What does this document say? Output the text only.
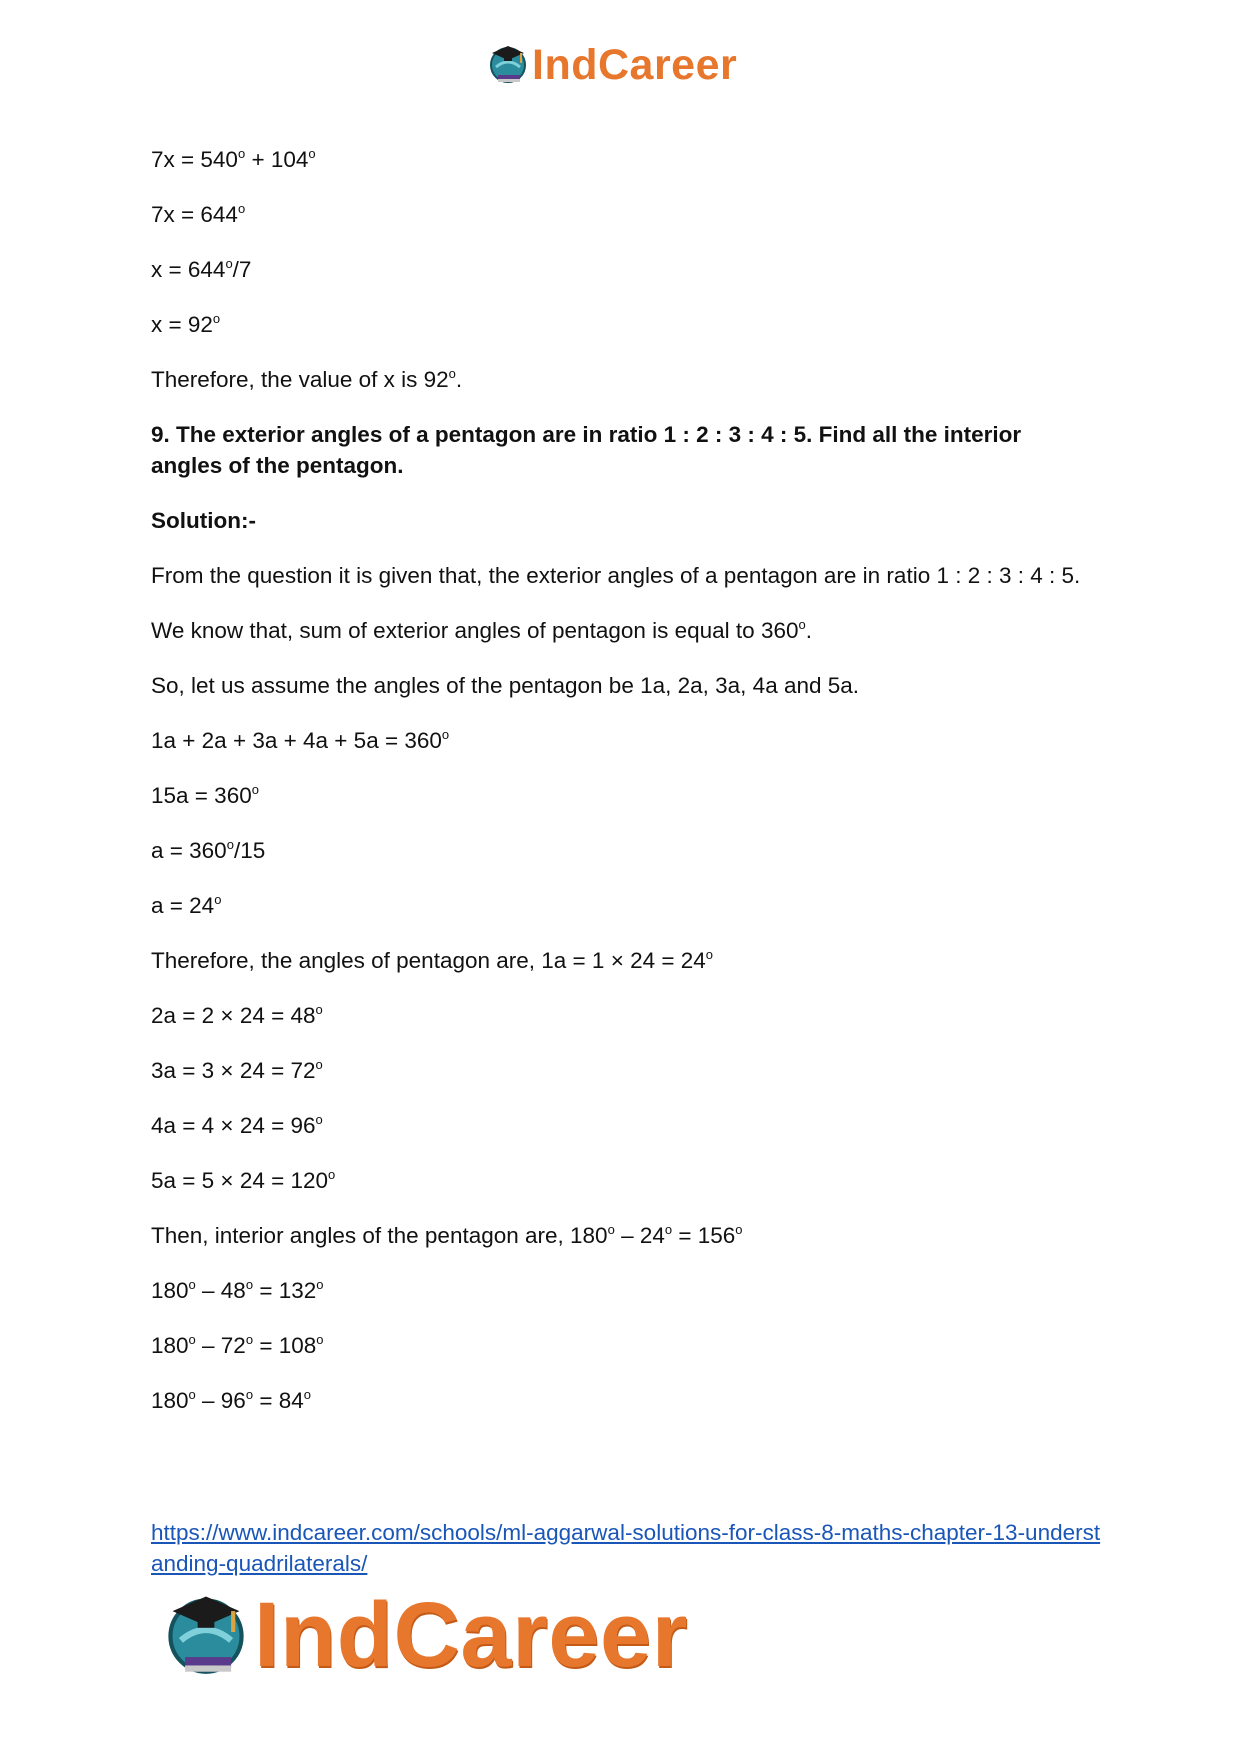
IndCareer

$7x = 540^o + 104^o$

$7x = 644^o$

$x = 644^o/7$

$x = 92^o$

Therefore, the value of x is 92$^o$.

9. The exterior angles of a pentagon are in ratio 1 : 2 : 3 : 4 : 5. Find all the interior angles of the pentagon.

Solution:-

From the question it is given that, the exterior angles of a pentagon are in ratio 1 : 2 : 3 : 4 : 5.

We know that, sum of exterior angles of pentagon is equal to 360$^o$.

So, let us assume the angles of the pentagon be 1a, 2a, 3a, 4a and 5a.

$1a + 2a + 3a + 4a + 5a = 360^o$

$15a = 360^o$

$a = 360^o/15$

$a = 24^o$

Therefore, the angles of pentagon are, $1a = 1 \times 24 = 24^o$

$2a = 2 \times 24 = 48^o$

$3a = 3 \times 24 = 72^o$

$4a = 4 \times 24 = 96^o$

$5a = 5 \times 24 = 120^o$

Then, interior angles of the pentagon are, $180^o - 24^o = 156^o$

$180^o - 48^o = 132^o$

$180^o - 72^o = 108^o$

$180^o - 96^o = 84^o$

https://www.indcareer.com/schools/ml-aggarwal-solutions-for-class-8-maths-chapter-13-understanding-quadrilaterals/
IndCareer
